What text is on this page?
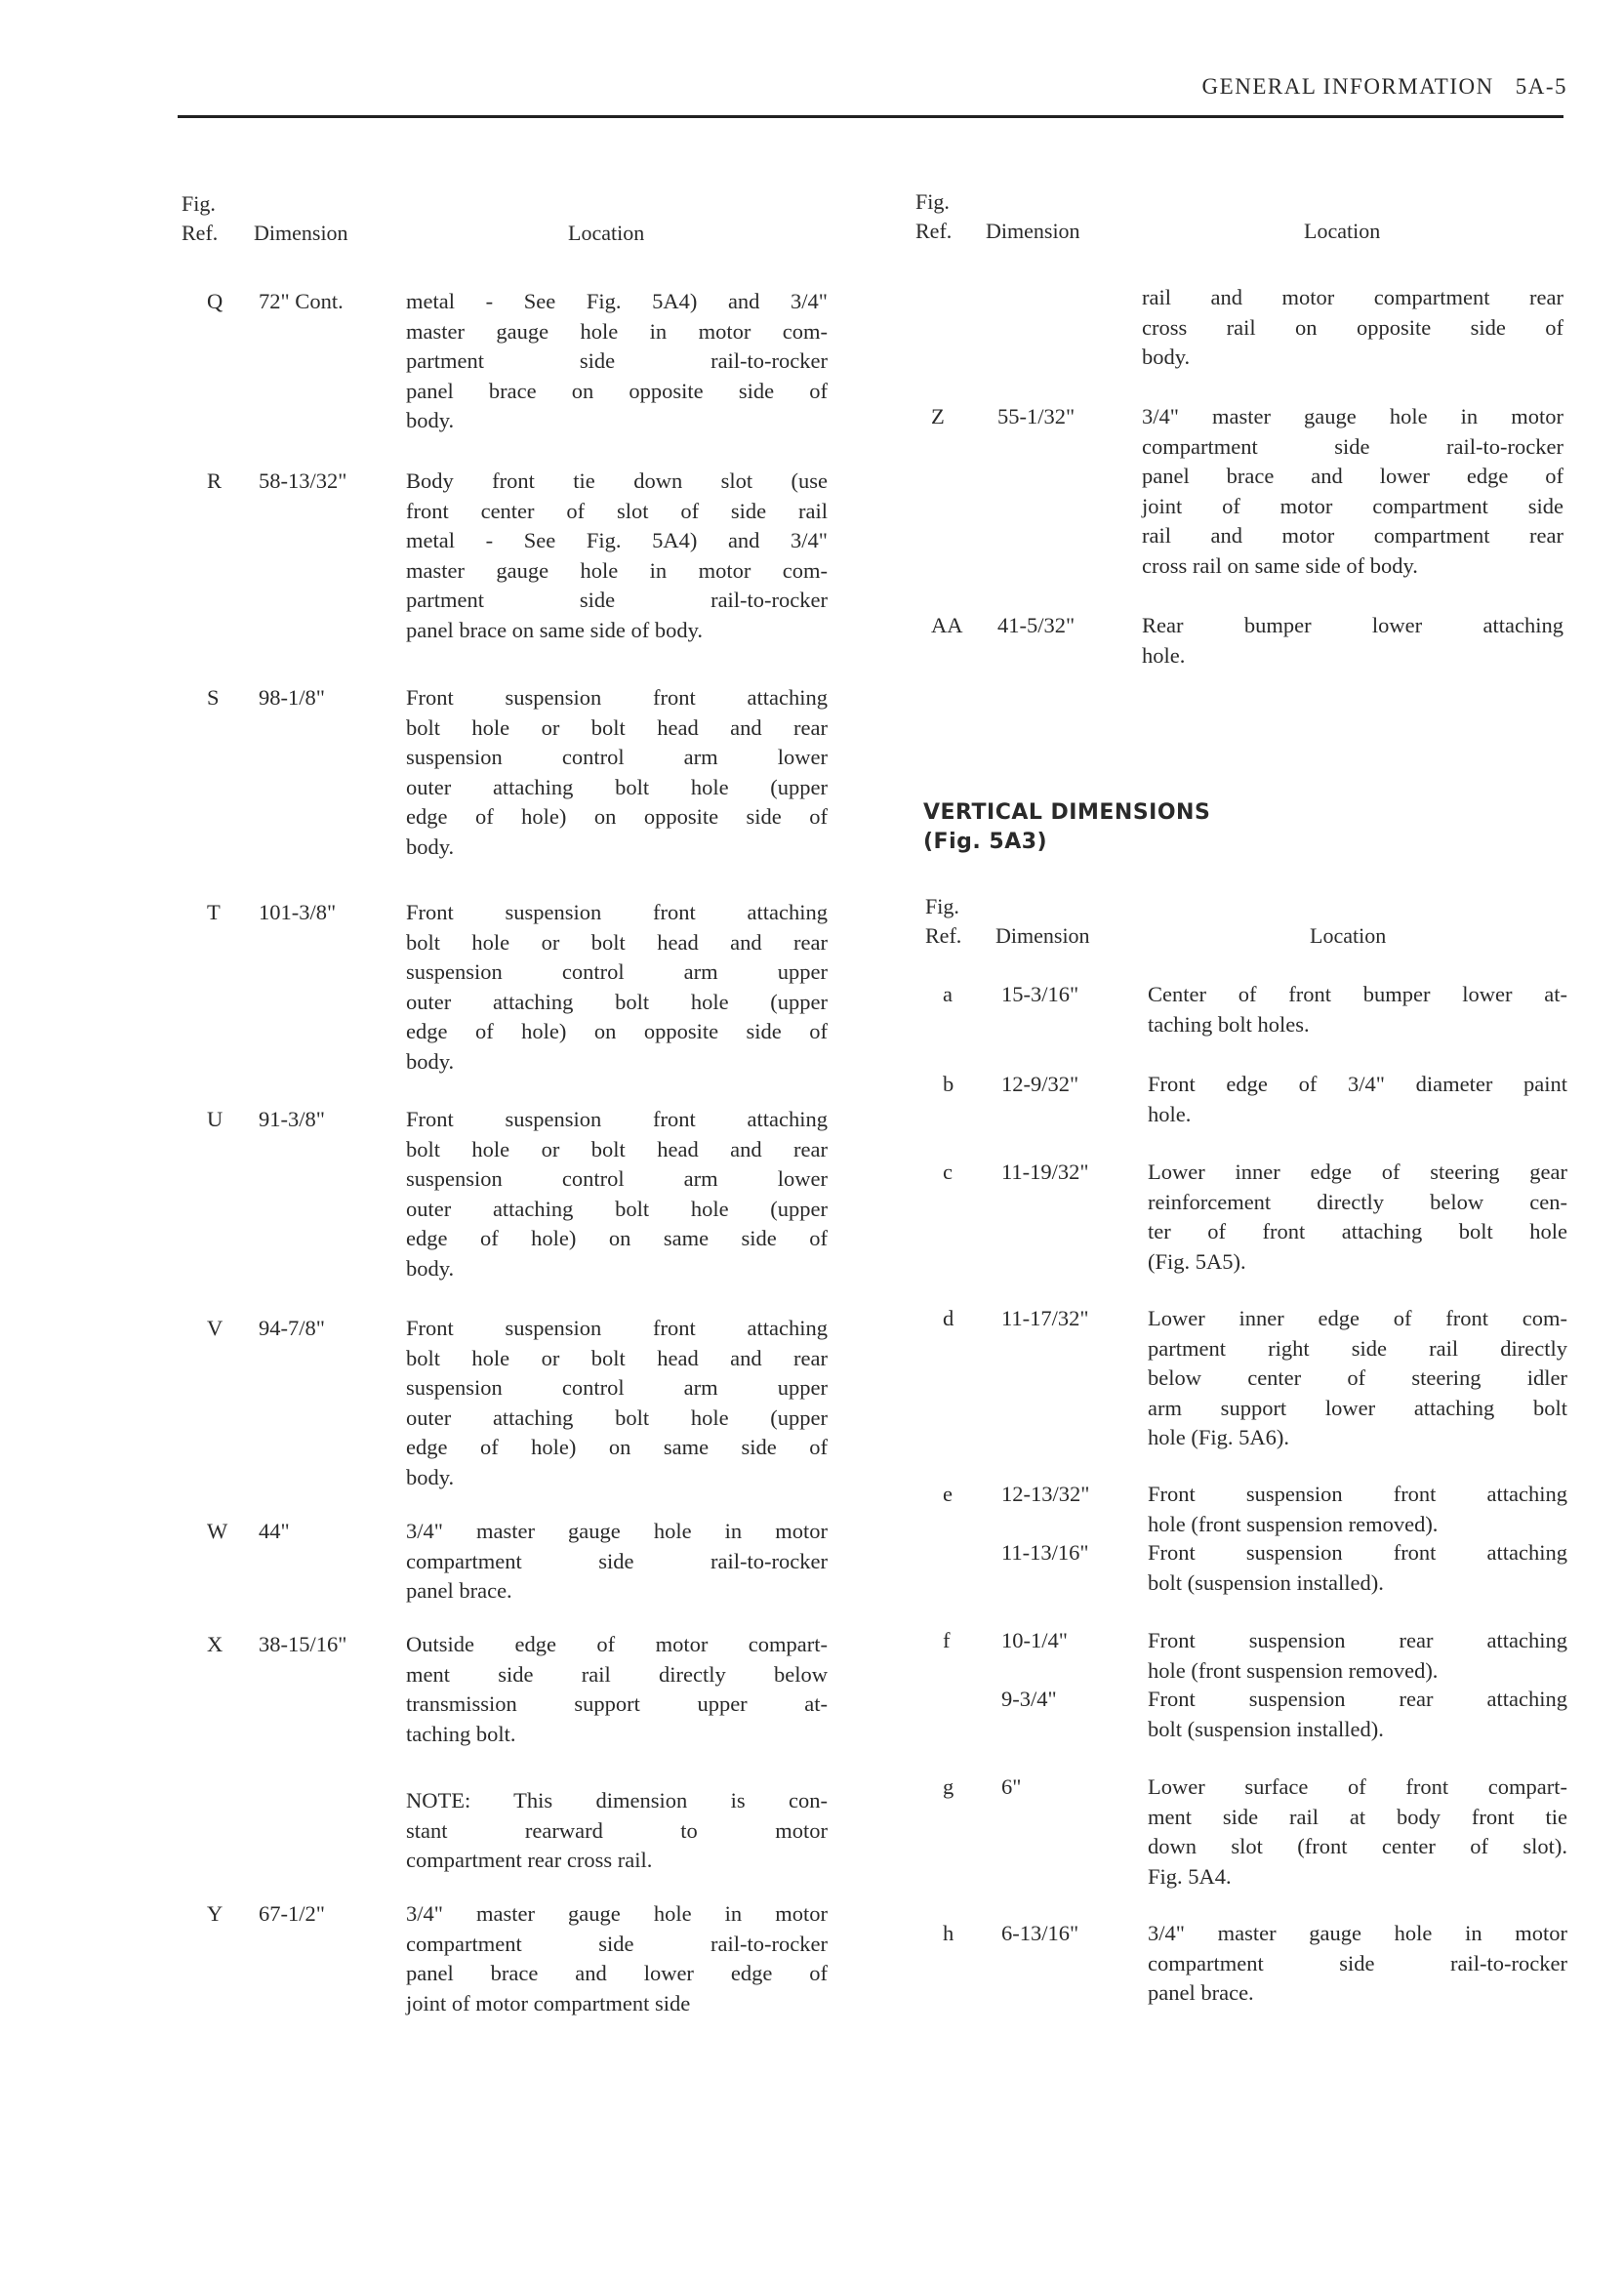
GENERAL INFORMATION 5A-5
Fig.
Ref. Dimension	Location
Fig.
Ref. Dimension	Location
Q 72" Cont.	metal - See Fig. 5A4) and 3/4"
master gauge hole in motor com-
partment side rail-to-rocker
panel brace on opposite side of
body.
R 58-13/32"	Body front tie down slot (use
front center of slot of side rail
metal - See Fig. 5A4) and 3/4"
master gauge hole in motor com-
partment side rail-to-rocker
panel brace on same side of body.
S 98-1/8"	Front suspension front attaching
bolt hole or bolt head and rear
suspension control arm lower
outer attaching bolt hole (upper
edge of hole) on opposite side of
body.
T 101-3/8"	Front suspension front attaching
bolt hole or bolt head and rear
suspension control arm upper
outer attaching bolt hole (upper
edge of hole) on opposite side of
body.
U 91-3/8"	Front suspension front attaching
bolt hole or bolt head and rear
suspension control arm lower
outer attaching bolt hole (upper
edge of hole) on same side of
body.
V 94-7/8"	Front suspension front attaching
bolt hole or bolt head and rear
suspension control arm upper
outer attaching bolt hole (upper
edge of hole) on same side of
body.
W 44"	3/4" master gauge hole in motor
compartment side rail-to-rocker
panel brace.
X 38-15/16"	Outside edge of motor compart-
ment side rail directly below
transmission support upper at-
taching bolt.
NOTE: This dimension is con-
stant rearward to motor
compartment rear cross rail.
Y 67-1/2"	3/4" master gauge hole in motor
compartment side rail-to-rocker
panel brace and lower edge of
joint of motor compartment side
rail and motor compartment rear
cross rail on opposite side of
body.
Z 55-1/32"	3/4" master gauge hole in motor
compartment side rail-to-rocker
panel brace and lower edge of
joint of motor compartment side
rail and motor compartment rear
cross rail on same side of body.
AA 41-5/32"	Rear bumper lower attaching
hole.
VERTICAL DIMENSIONS
(Fig. 5A3)
Fig.
Ref. Dimension	Location
a 15-3/16"	Center of front bumper lower at-
taching bolt holes.
b 12-9/32"	Front edge of 3/4" diameter paint
hole.
c 11-19/32"	Lower inner edge of steering gear
reinforcement directly below cen-
ter of front attaching bolt hole
(Fig. 5A5).
d 11-17/32"	Lower inner edge of front com-
partment right side rail directly
below center of steering idler
arm support lower attaching bolt
hole (Fig. 5A6).
e 12-13/32"	Front suspension front attaching
hole (front suspension removed).
11-13/16"	Front suspension front attaching
bolt (suspension installed).
f 10-1/4"	Front suspension rear attaching
hole (front suspension removed).
9-3/4"	Front suspension rear attaching
bolt (suspension installed).
g 6"	Lower surface of front compart-
ment side rail at body front tie
down slot (front center of slot).
Fig. 5A4.
h 6-13/16"	3/4" master gauge hole in motor
compartment side rail-to-rocker
panel brace.
